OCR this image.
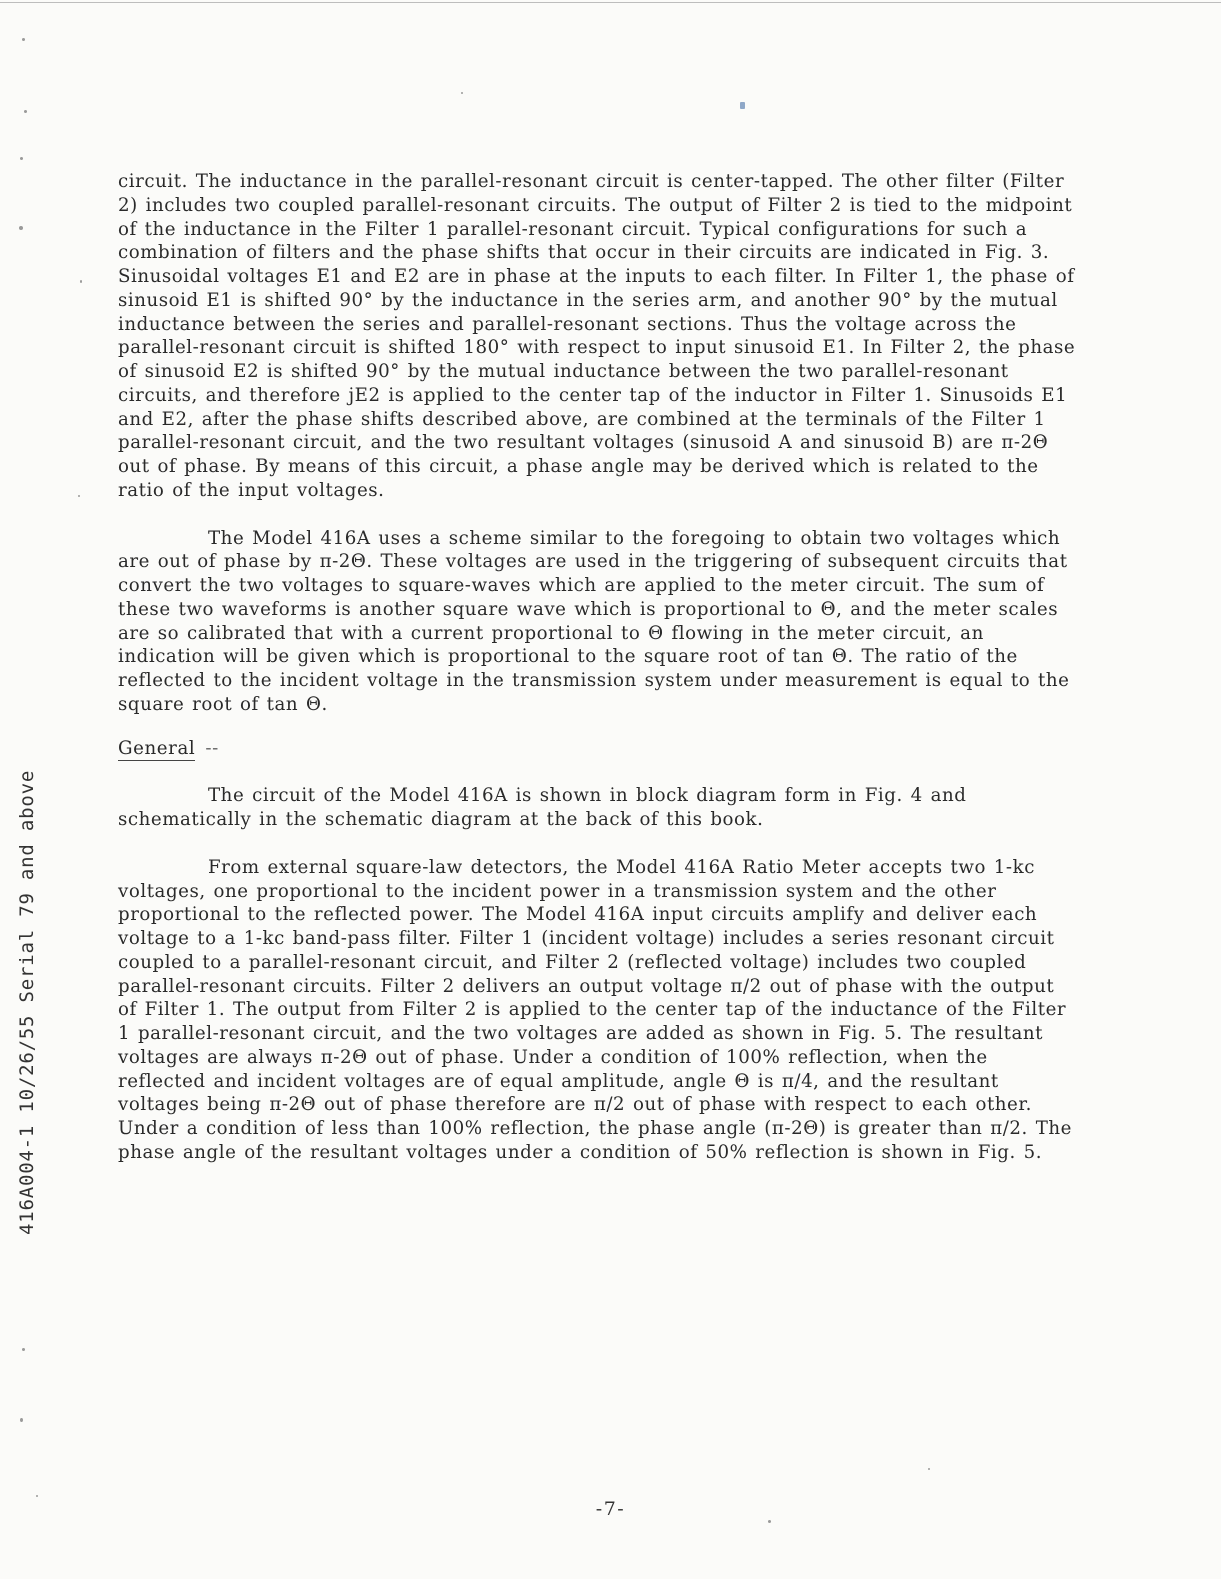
416A004-1 10/26/55 Serial 79 and above

circuit. The inductance in the parallel-resonant circuit is center-tapped. The other filter (Filter 2) includes two coupled parallel-resonant circuits. The output of Filter 2 is tied to the midpoint of the inductance in the Filter 1 parallel-resonant circuit. Typical configurations for such a combination of filters and the phase shifts that occur in their circuits are indicated in Fig. 3. Sinusoidal voltages E1 and E2 are in phase at the inputs to each filter. In Filter 1, the phase of sinusoid E1 is shifted 90° by the inductance in the series arm, and another 90° by the mutual inductance between the series and parallel-resonant sections. Thus the voltage across the parallel-resonant circuit is shifted 180° with respect to input sinusoid E1. In Filter 2, the phase of sinusoid E2 is shifted 90° by the mutual inductance between the two parallel-resonant circuits, and therefore jE2 is applied to the center tap of the inductor in Filter 1. Sinusoids E1 and E2, after the phase shifts described above, are combined at the terminals of the Filter 1 parallel-resonant circuit, and the two resultant voltages (sinusoid A and sinusoid B) are π-2Θ out of phase. By means of this circuit, a phase angle may be derived which is related to the ratio of the input voltages.

The Model 416A uses a scheme similar to the foregoing to obtain two voltages which are out of phase by π-2Θ. These voltages are used in the triggering of subsequent circuits that convert the two voltages to square-waves which are applied to the meter circuit. The sum of these two waveforms is another square wave which is proportional to Θ, and the meter scales are so calibrated that with a current proportional to Θ flowing in the meter circuit, an indication will be given which is proportional to the square root of tan Θ. The ratio of the reflected to the incident voltage in the transmission system under measurement is equal to the square root of tan Θ.

General --

The circuit of the Model 416A is shown in block diagram form in Fig. 4 and schematically in the schematic diagram at the back of this book.

From external square-law detectors, the Model 416A Ratio Meter accepts two 1-kc voltages, one proportional to the incident power in a transmission system and the other proportional to the reflected power. The Model 416A input circuits amplify and deliver each voltage to a 1-kc band-pass filter. Filter 1 (incident voltage) includes a series resonant circuit coupled to a parallel-resonant circuit, and Filter 2 (reflected voltage) includes two coupled parallel-resonant circuits. Filter 2 delivers an output voltage π/2 out of phase with the output of Filter 1. The output from Filter 2 is applied to the center tap of the inductance of the Filter 1 parallel-resonant circuit, and the two voltages are added as shown in Fig. 5. The resultant voltages are always π-2Θ out of phase. Under a condition of 100% reflection, when the reflected and incident voltages are of equal amplitude, angle Θ is π/4, and the resultant voltages being π-2Θ out of phase therefore are π/2 out of phase with respect to each other. Under a condition of less than 100% reflection, the phase angle (π-2Θ) is greater than π/2. The phase angle of the resultant voltages under a condition of 50% reflection is shown in Fig. 5.

-7-
